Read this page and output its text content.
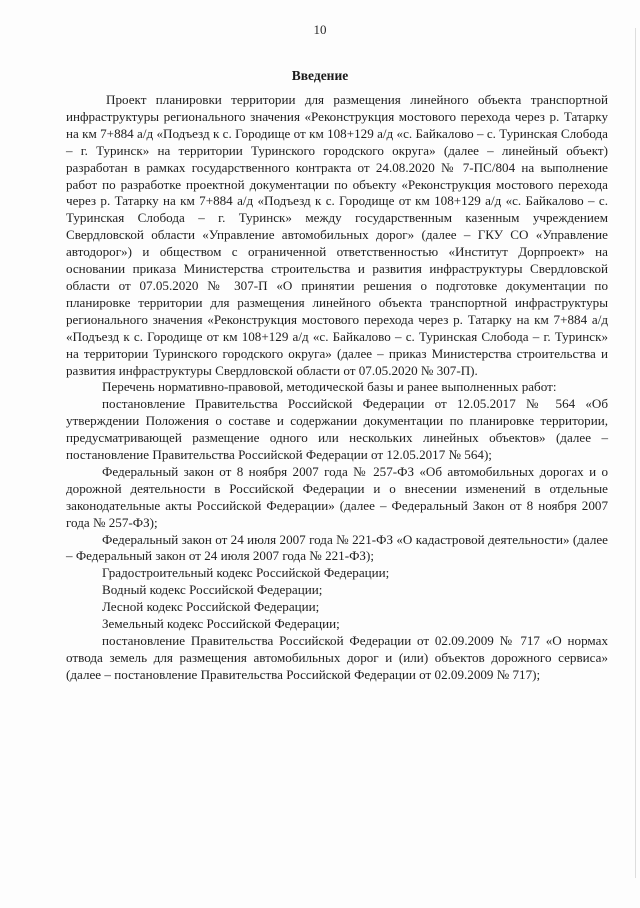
10
Введение

Проект планировки территории для размещения линейного объекта транспортной инфраструктуры регионального значения «Реконструкция мостового перехода через р. Татарку на км 7+884 а/д «Подъезд к с. Городище от км 108+129 а/д «с. Байкалово – с. Туринская Слобода – г. Туринск» на территории Туринского городского округа» (далее – линейный объект) разработан в рамках государственного контракта от 24.08.2020 № 7-ПС/804 на выполнение работ по разработке проектной документации по объекту «Реконструкция мостового перехода через р. Татарку на км 7+884 а/д «Подъезд к с. Городище от км 108+129 а/д «с. Байкалово – с. Туринская Слобода – г. Туринск» между государственным казенным учреждением Свердловской области «Управление автомобильных дорог» (далее – ГКУ СО «Управление автодорог») и обществом с ограниченной ответственностью «Институт Дорпроект» на основании приказа Министерства строительства и развития инфраструктуры Свердловской области от 07.05.2020 № 307-П «О принятии решения о подготовке документации по планировке территории для размещения линейного объекта транспортной инфраструктуры регионального значения «Реконструкция мостового перехода через р. Татарку на км 7+884 а/д «Подъезд к с. Городище от км 108+129 а/д «с. Байкалово – с. Туринская Слобода – г. Туринск» на территории Туринского городского округа» (далее – приказ Министерства строительства и развития инфраструктуры Свердловской области от 07.05.2020 № 307-П).

Перечень нормативно-правовой, методической базы и ранее выполненных работ:

постановление Правительства Российской Федерации от 12.05.2017 № 564 «Об утверждении Положения о составе и содержании документации по планировке территории, предусматривающей размещение одного или нескольких линейных объектов» (далее – постановление Правительства Российской Федерации от 12.05.2017 № 564);

Федеральный закон от 8 ноября 2007 года № 257-ФЗ «Об автомобильных дорогах и о дорожной деятельности в Российской Федерации и о внесении изменений в отдельные законодательные акты Российской Федерации» (далее – Федеральный Закон от 8 ноября 2007 года № 257-ФЗ);

Федеральный закон от 24 июля 2007 года № 221-ФЗ «О кадастровой деятельности» (далее – Федеральный закон от 24 июля 2007 года № 221-ФЗ);

Градостроительный кодекс Российской Федерации;

Водный кодекс Российской Федерации;

Лесной кодекс Российской Федерации;

Земельный кодекс Российской Федерации;

постановление Правительства Российской Федерации от 02.09.2009 № 717 «О нормах отвода земель для размещения автомобильных дорог и (или) объектов дорожного сервиса» (далее – постановление Правительства Российской Федерации от 02.09.2009 № 717);
